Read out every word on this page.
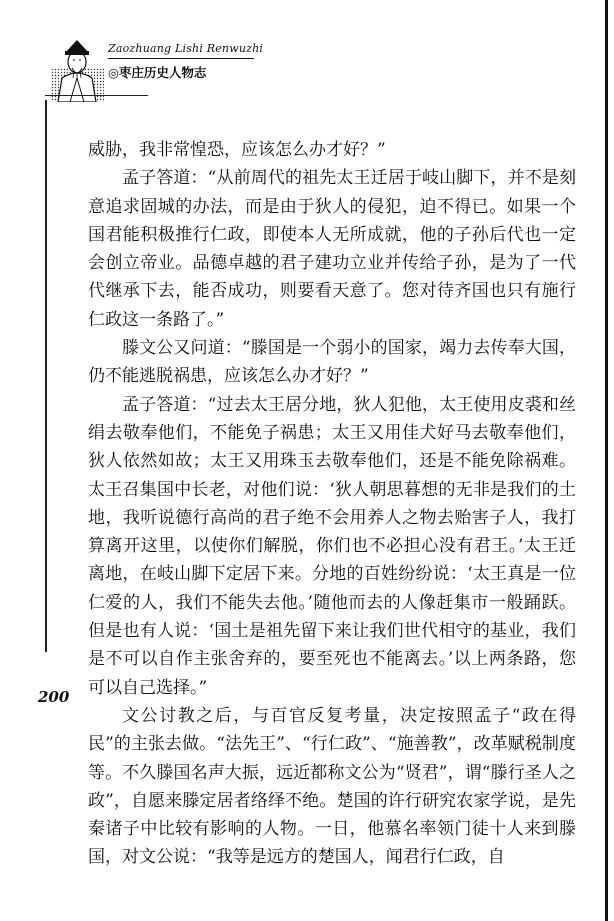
Zaozhuang Lishi Renwuzhi
◎枣庄历史人物志

威胁，我非常惶恐，应该怎么办才好？”

孟子答道：“从前周代的祖先太王迁居于岐山脚下，并不是刻意追求固城的办法，而是由于狄人的侵犯，迫不得已。如果一个国君能积极推行仁政，即使本人无所成就，他的子孙后代也一定会创立帝业。品德卓越的君子建功立业并传给子孙，是为了一代代继承下去，能否成功，则要看天意了。您对待齐国也只有施行仁政这一条路了。”

滕文公又问道：“滕国是一个弱小的国家，竭力去传奉大国，仍不能逃脱祸患，应该怎么办才好？”

孟子答道：“过去太王居分地，狄人犯他，太王使用皮裘和丝绢去敬奉他们，不能免子祸患；太王又用佳犬好马去敬奉他们，狄人依然如故；太王又用珠玉去敬奉他们，还是不能免除祸难。太王召集国中长老，对他们说：‘狄人朝思暮想的无非是我们的土地，我听说德行高尚的君子绝不会用养人之物去贻害子人，我打算离开这里，以使你们解脱，你们也不必担心没有君王。’太王迁离地，在岐山脚下定居下来。分地的百姓纷纷说：‘太王真是一位仁爱的人，我们不能失去他。’随他而去的人像赶集市一般踊跃。但是也有人说：‘国土是祖先留下来让我们世代相守的基业，我们是不可以自作主张舍弃的，要至死也不能离去。’以上两条路，您可以自己选择。”

文公讨教之后，与百官反复考量，决定按照孟子“政在得民”的主张去做。“法先王”、“行仁政”、“施善教”，改革赋税制度等。不久滕国名声大振，远近都称文公为“贤君”，谓“滕行圣人之政”，自愿来滕定居者络绎不绝。楚国的许行研究农家学说，是先秦诸子中比较有影响的人物。一日，他慕名率领门徒十人来到滕国，对文公说：“我等是远方的楚国人，闻君行仁政，自

200
